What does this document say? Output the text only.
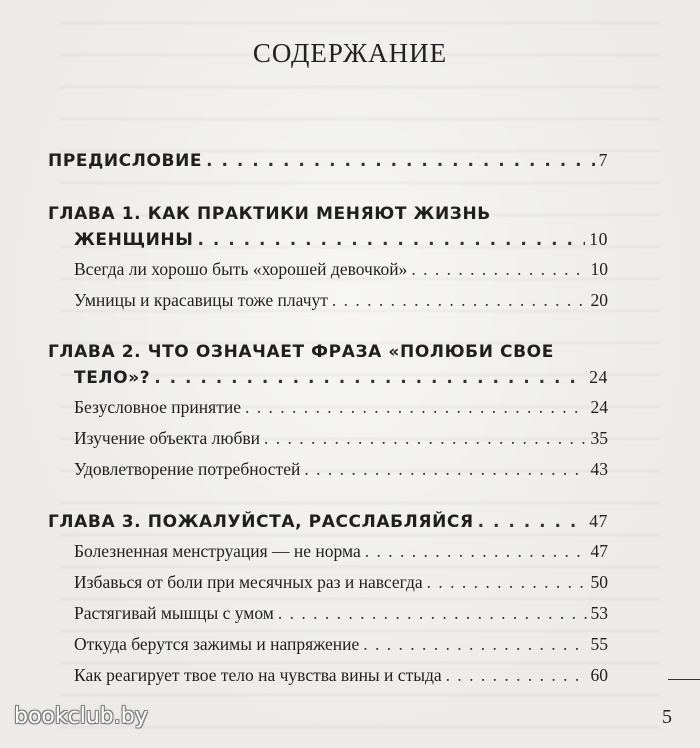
СОДЕРЖАНИЕ
ПРЕДИСЛОВИЕ . . .	7
ГЛАВА 1. КАК ПРАКТИКИ МЕНЯЮТ ЖИЗНЬ
ЖЕНЩИНЫ . . .	10
Всегда ли хорошо быть «хорошей девочкой» . . .	10
Умницы и красавицы тоже плачут . . .	20
ГЛАВА 2. ЧТО ОЗНАЧАЕТ ФРАЗА «ПОЛЮБИ СВОЕ
ТЕЛО»? . . .	24
Безусловное принятие . . .	24
Изучение объекта любви . . .	35
Удовлетворение потребностей . . .	43
ГЛАВА 3. ПОЖАЛУЙСТА, РАССЛАБЛЯЙСЯ . . .	47
Болезненная менструация — не норма . . .	47
Избавься от боли при месячных раз и навсегда . . .	50
Растягивай мышцы с умом . . .	53
Откуда берутся зажимы и напряжение . . .	55
Как реагирует твое тело на чувства вины и стыда . . .	60
5
bookclub.by
